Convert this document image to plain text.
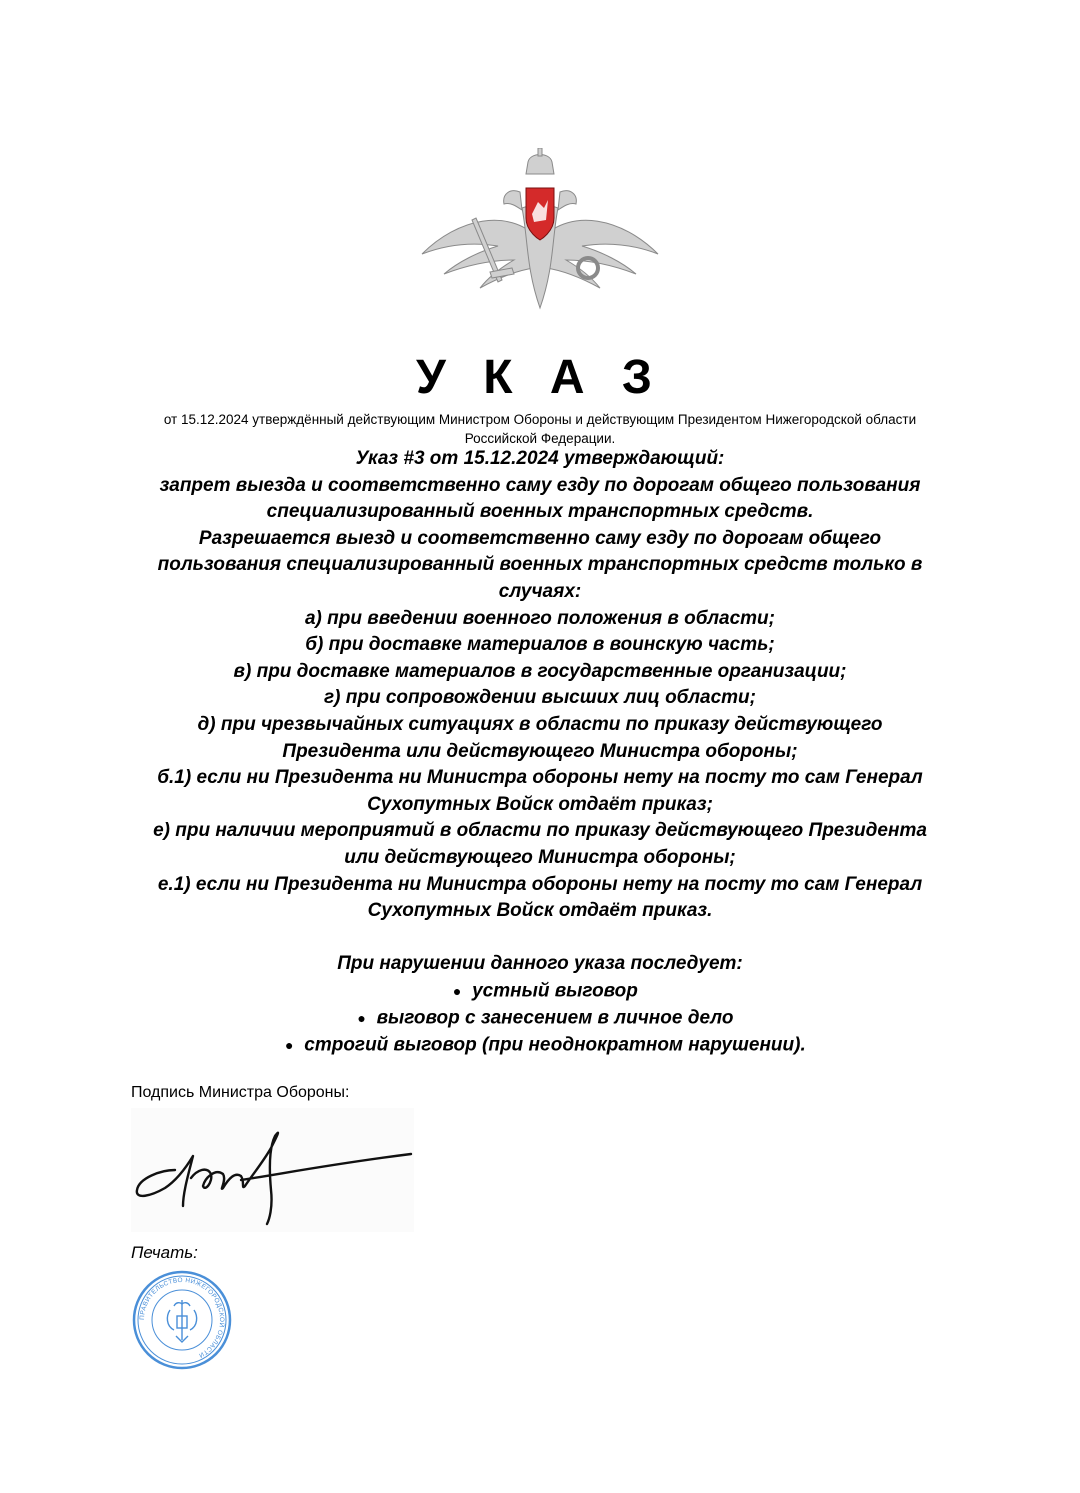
У К А З

от 15.12.2024 утверждённый действующим Министром Обороны и действующим Президентом Нижегородской области
Российской Федерации.

Указ #3 от 15.12.2024 утверждающий:
запрет выезда и соответственно саму езду по дорогам общего пользования
специализированный военных транспортных средств.
Разрешается выезд и соответственно саму езду по дорогам общего
пользования специализированный военных транспортных средств только в
случаях:
а) при введении военного положения в области;
б) при доставке материалов в воинскую часть;
в) при доставке материалов в государственные организации;
г) при сопровождении высших лиц области;
д) при чрезвычайных ситуациях в области по приказу действующего
Президента или действующего Министра обороны;
б.1) если ни Президента ни Министра обороны нету на посту то сам Генерал
Сухопутных Войск отдаёт приказ;
е) при наличии мероприятий в области по приказу действующего Президента
или действующего Министра обороны;
е.1) если ни Президента ни Министра обороны нету на посту то сам Генерал
Сухопутных Войск отдаёт приказ.
При нарушении данного указа последует:
● устный выговор
● выговор с занесением в личное дело
● строгий выговор (при неоднократном нарушении).

Подпись Министра Обороны:

Печать:

ПРАВИТЕЛЬСТВО НИЖЕГОРОДСКОЙ ОБЛАСТИ
